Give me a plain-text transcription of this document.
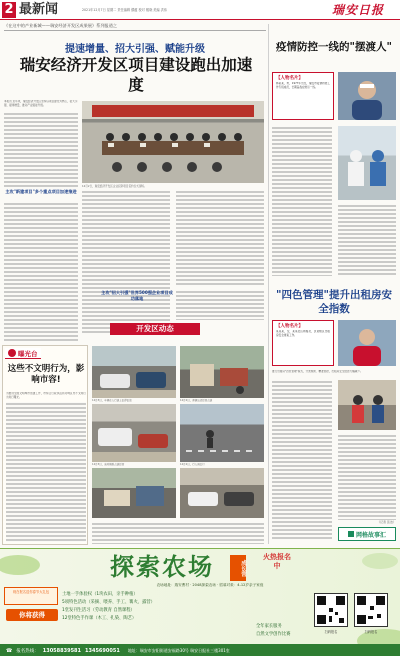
2 最新闻	2021年12月7日 星期二 责任编辑 缪蕴 校对 楼晓 美编 洪伟	瑞安日报
《在这中的产业新城——瑞安经济开发区成果展》系列报道之
提速增量、招大引强、赋能升级
瑞安经济开发区项目建设跑出加速度
本报讯 近年来，瑞安经济开发区坚持以项目建设为核心，招大引强、提速增量，推动产业赋能升级。
12月2日，瑞安经济开发区企业投资项目签约仪式现场。
主攻"新建项目"多个重点项目加速推进
主攻"招大引强"世界500强企业项目成功落地
开发区动态
曝光台
这些不文明行为，影响市容!
为推进全国文明城市创建工作，市综合行政执法局对城区内不文明行为进行曝光。
12月3日，车辆在人行道上乱停乱放	12月2日，商铺出店经营占道
12月3日，流动摊贩占道经营	12月2日，行人闯红灯
疫情防控一线的"摆渡人"
【人物名片】
林某某，男，1977年出生，瑞安市疫情防控工作专班成员，长期奋战在转运一线。
"四色管理"提升出租房安全指数
【人物名片】
某某某，女，某某社区网格员，负责辖区出租房安全排查工作。
推行出租房"四色管理"模式，分类施策、精准管控，出租房安全隐患大幅减少。
（记者 张洁）
网格故事汇
探索农场	成长营
火热报名中
农场地址：瑞安曹村 · 2048探索农场 · 招募对象：4-12岁亲子家庭
现在报名送你春节大礼包
你将获得
土地一手体验权（1块农田，亲手种植）
5项特色活动（采摘、喂养、手工、篝火、露营）
1堂发刊生活习（劳动教育 自然课程）
12堂特色手作课（木工、扎染、陶艺）
全年家长服务
自然文学创作比赛	扫码报名	扫码报名
☎ 报名热线： 13058839581 1345690051 地址：瑞安市安阳街道安福路30号 瑞安日报社三楼301室
